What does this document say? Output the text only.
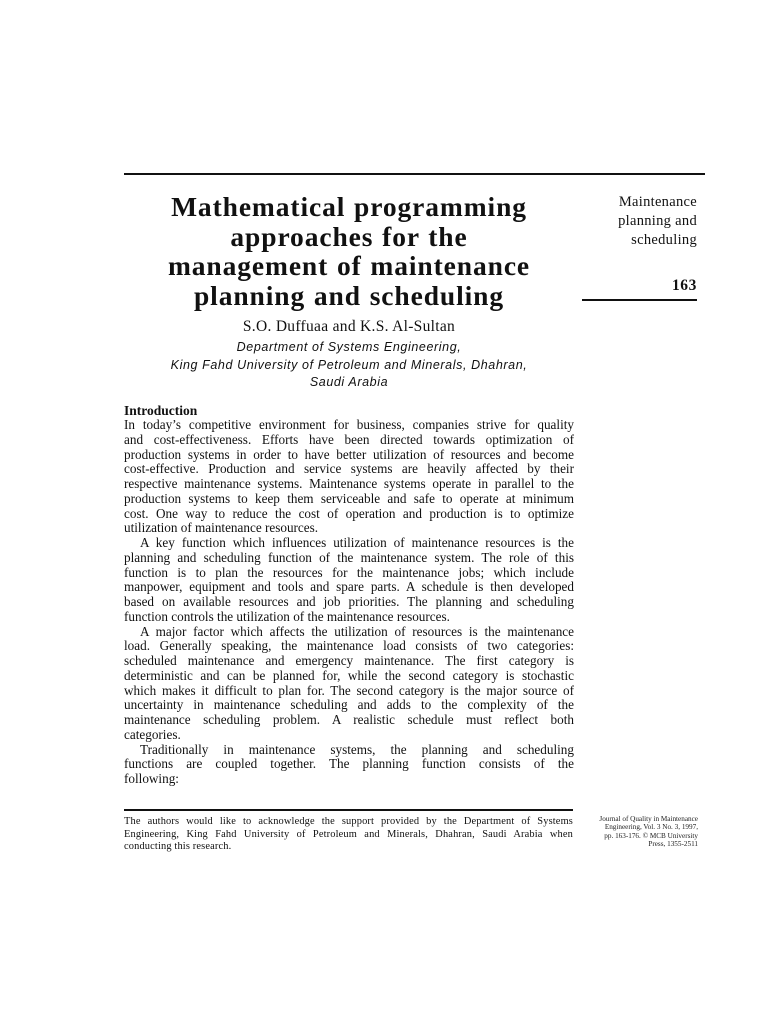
Mathematical programming
approaches for the
management of maintenance
planning and scheduling
Maintenance
planning and
scheduling
163
S.O. Duffuaa and K.S. Al-Sultan
Department of Systems Engineering,
King Fahd University of Petroleum and Minerals, Dhahran,
Saudi Arabia
Introduction
In today’s competitive environment for business, companies strive for quality
and cost-effectiveness. Efforts have been directed towards optimization of
production systems in order to have better utilization of resources and become
cost-effective. Production and service systems are heavily affected by their
respective maintenance systems. Maintenance systems operate in parallel to the
production systems to keep them serviceable and safe to operate at minimum
cost. One way to reduce the cost of operation and production is to optimize
utilization of maintenance resources.
A key function which influences utilization of maintenance resources is the
planning and scheduling function of the maintenance system. The role of this
function is to plan the resources for the maintenance jobs; which include
manpower, equipment and tools and spare parts. A schedule is then developed
based on available resources and job priorities. The planning and scheduling
function controls the utilization of the maintenance resources.
A major factor which affects the utilization of resources is the maintenance
load. Generally speaking, the maintenance load consists of two categories:
scheduled maintenance and emergency maintenance. The first category is
deterministic and can be planned for, while the second category is stochastic
which makes it difficult to plan for. The second category is the major source of
uncertainty in maintenance scheduling and adds to the complexity of the
maintenance scheduling problem. A realistic schedule must reflect both
categories.
Traditionally in maintenance systems, the planning and scheduling
functions are coupled together. The planning function consists of the
following:
The authors would like to acknowledge the support provided by the Department of Systems
Engineering, King Fahd University of Petroleum and Minerals, Dhahran, Saudi Arabia when
conducting this research.
Journal of Quality in Maintenance
Engineering, Vol. 3 No. 3, 1997,
pp. 163-176. © MCB University
Press, 1355-2511
